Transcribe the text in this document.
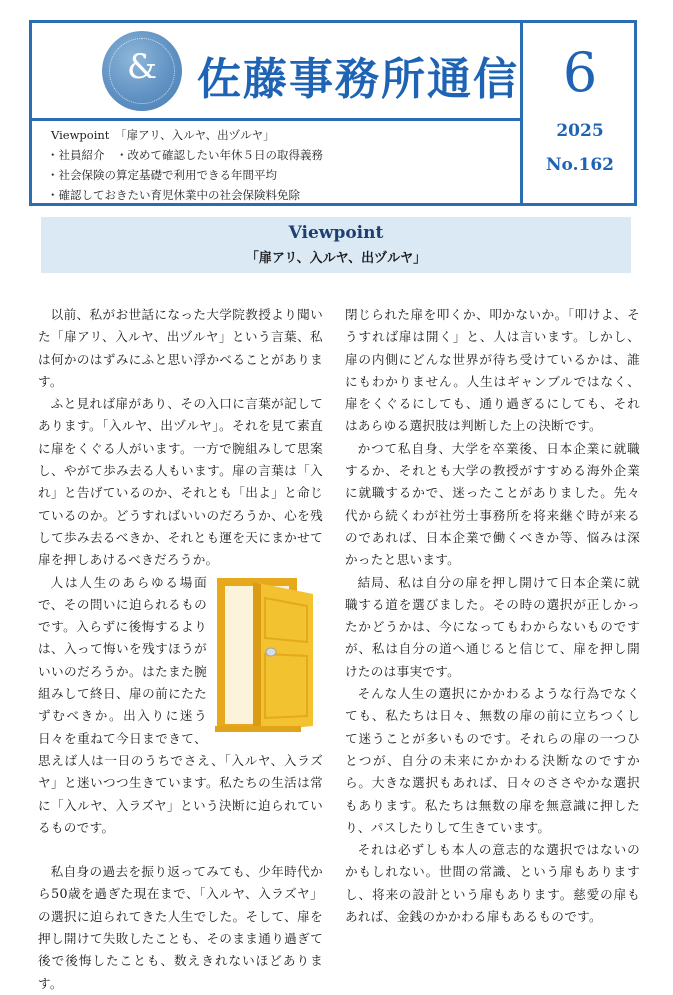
& 佐藤事務所通信 6
2025
No.162
Viewpoint　「扉アリ、入ルヤ、出ヅルヤ」
・社員紹介　・改めて確認したい年休５日の取得義務
・社会保険の算定基礎で利用できる年間平均
・確認しておきたい育児休業中の社会保険料免除
Viewpoint
「扉アリ、入ルヤ、出ヅルヤ」

以前、私がお世話になった大学院教授より聞いた「扉アリ、入ルヤ、出ヅルヤ」という言葉、私は何かのはずみにふと思い浮かべることがあります。

ふと見れば扉があり、その入口に言葉が記してあります。「入ルヤ、出ヅルヤ」。それを見て素直に扉をくぐる人がいます。一方で腕組みして思案し、やがて歩み去る人もいます。扉の言葉は「入れ」と告げているのか、それとも「出よ」と命じているのか。どうすればいいのだろうか、心を残して歩み去るべきか、それとも運を天にまかせて扉を押しあけるべきだろうか。

人は人生のあらゆる場面で、その問いに迫られるものです。入らずに後悔するよりは、入って悔いを残すほうがいいのだろうか。はたまた腕組みして終日、扉の前にたたずむべきか。出入りに迷う日々を重ねて今日まできて、思えば人は一日のうちでさえ、「入ルヤ、入ラズヤ」と迷いつつ生きています。私たちの生活は常に「入ルヤ、入ラズヤ」という決断に迫られているものです。

私自身の過去を振り返ってみても、少年時代から50歳を過ぎた現在まで、「入ルヤ、入ラズヤ」の選択に迫られてきた人生でした。そして、扉を押し開けて失敗したことも、そのまま通り過ぎて後で後悔したことも、数えきれないほどあります。

閉じられた扉を叩くか、叩かないか。「叩けよ、そうすれば扉は開く」と、人は言います。しかし、扉の内側にどんな世界が待ち受けているかは、誰にもわかりません。人生はギャンブルではなく、扉をくぐるにしても、通り過ぎるにしても、それはあらゆる選択肢は判断した上の決断です。

かつて私自身、大学を卒業後、日本企業に就職するか、それとも大学の教授がすすめる海外企業に就職するかで、迷ったことがありました。先々代から続くわが社労士事務所を将来継ぐ時が来るのであれば、日本企業で働くべきか等、悩みは深かったと思います。

結局、私は自分の扉を押し開けて日本企業に就職する道を選びました。その時の選択が正しかったかどうかは、今になってもわからないものですが、私は自分の道へ通じると信じて、扉を押し開けたのは事実です。

そんな人生の選択にかかわるような行為でなくても、私たちは日々、無数の扉の前に立ちつくして迷うことが多いものです。それらの扉の一つひとつが、自分の未来にかかわる決断なのですから。大きな選択もあれば、日々のささやかな選択もあります。私たちは無数の扉を無意識に押したり、パスしたりして生きています。

それは必ずしも本人の意志的な選択ではないのかもしれない。世間の常識、という扉もありますし、将来の設計という扉もあります。慈愛の扉もあれば、金銭のかかわる扉もあるものです。
